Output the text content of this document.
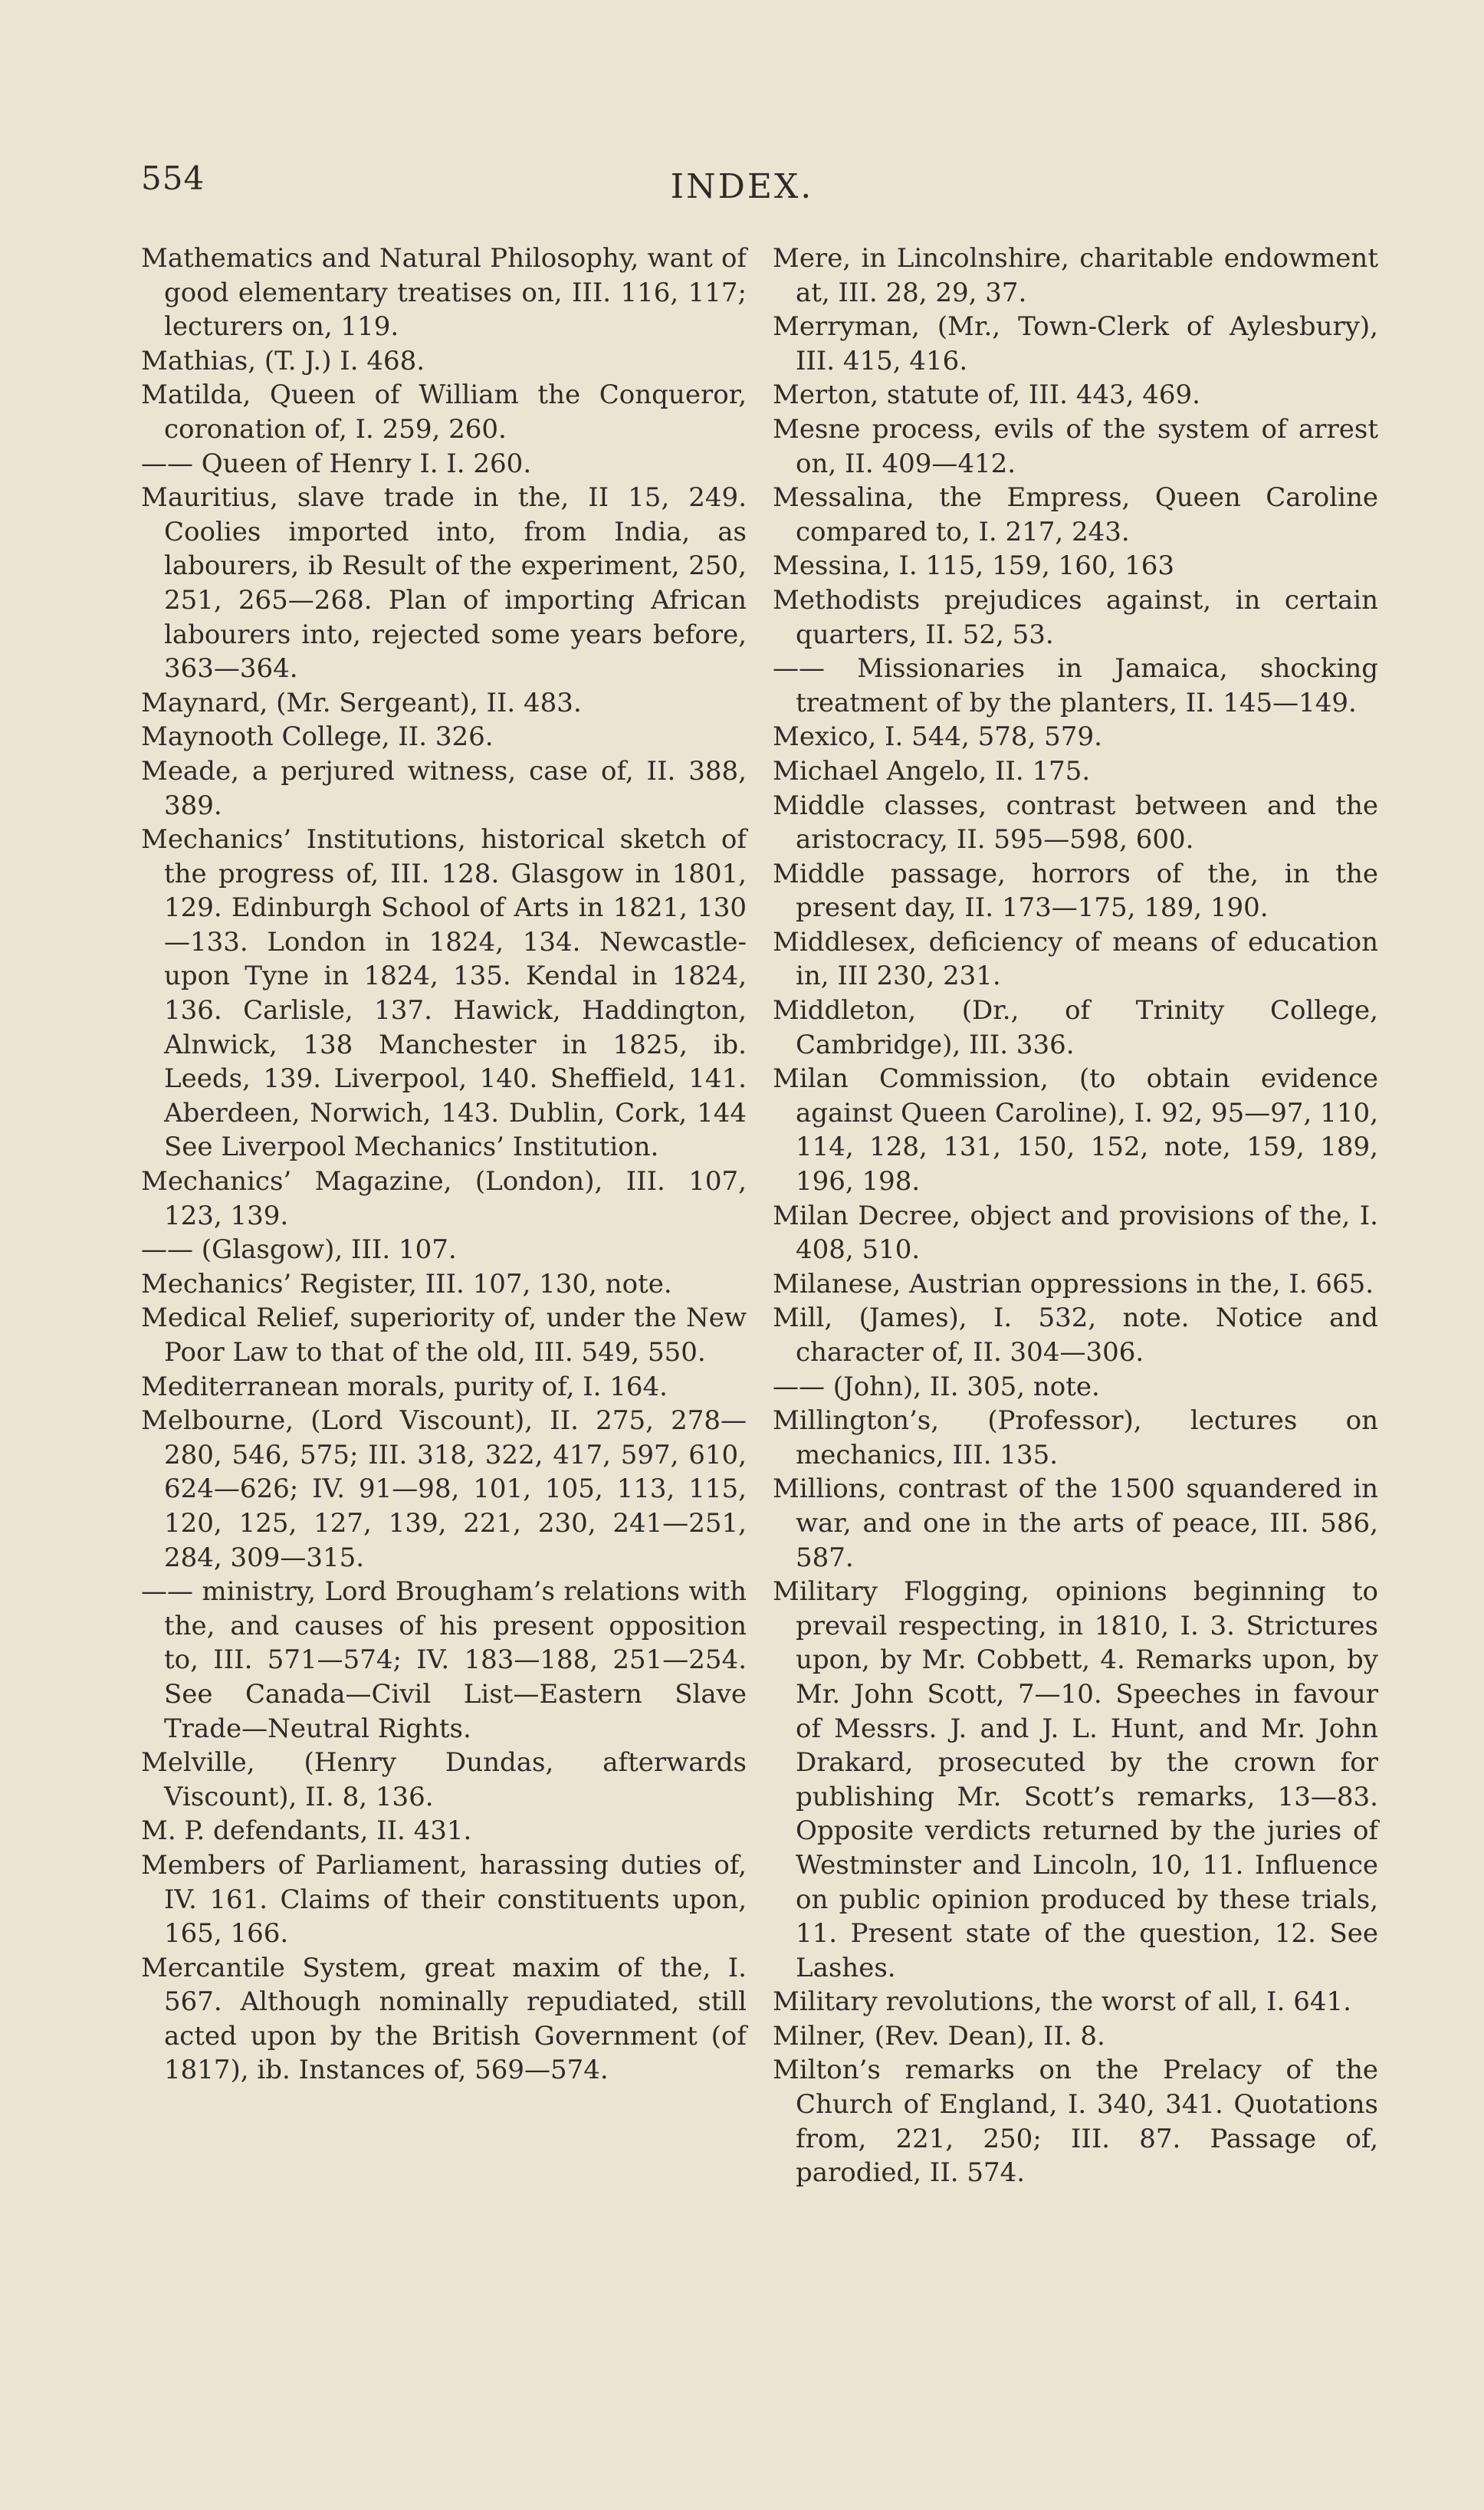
554	INDEX.

Mathematics and Natural Philosophy, want of good elementary treatises on, III. 116, 117; lecturers on, 119.

Mathias, (T. J.) I. 468.

Matilda, Queen of William the Conqueror, coronation of, I. 259, 260.

—— Queen of Henry I. I. 260.

Mauritius, slave trade in the, II 15, 249. Coolies imported into, from India, as labourers, ib Result of the experiment, 250, 251, 265—268. Plan of importing African labourers into, rejected some years before, 363—364.

Maynard, (Mr. Sergeant), II. 483.

Maynooth College, II. 326.

Meade, a perjured witness, case of, II. 388, 389.

Mechanics’ Institutions, historical sketch of the progress of, III. 128. Glasgow in 1801, 129. Edinburgh School of Arts in 1821, 130—133. London in 1824, 134. Newcastle-upon Tyne in 1824, 135. Kendal in 1824, 136. Carlisle, 137. Hawick, Haddington, Alnwick, 138 Manchester in 1825, ib. Leeds, 139. Liverpool, 140. Sheffield, 141. Aberdeen, Norwich, 143. Dublin, Cork, 144 See Liverpool Mechanics’ Institution.

Mechanics’ Magazine, (London), III. 107, 123, 139.

—— (Glasgow), III. 107.

Mechanics’ Register, III. 107, 130, note.

Medical Relief, superiority of, under the New Poor Law to that of the old, III. 549, 550.

Mediterranean morals, purity of, I. 164.

Melbourne, (Lord Viscount), II. 275, 278—280, 546, 575; III. 318, 322, 417, 597, 610, 624—626; IV. 91—98, 101, 105, 113, 115, 120, 125, 127, 139, 221, 230, 241—251, 284, 309—315.

—— ministry, Lord Brougham’s relations with the, and causes of his present opposition to, III. 571—574; IV. 183—188, 251—254. See Canada—Civil List—Eastern Slave Trade—Neutral Rights.

Melville, (Henry Dundas, afterwards Viscount), II. 8, 136.

M. P. defendants, II. 431.

Members of Parliament, harassing duties of, IV. 161. Claims of their constituents upon, 165, 166.

Mercantile System, great maxim of the, I. 567. Although nominally repudiated, still acted upon by the British Government (of 1817), ib. Instances of, 569—574.

Mere, in Lincolnshire, charitable endowment at, III. 28, 29, 37.

Merryman, (Mr., Town-Clerk of Aylesbury), III. 415, 416.

Merton, statute of, III. 443, 469.

Mesne process, evils of the system of arrest on, II. 409—412.

Messalina, the Empress, Queen Caroline compared to, I. 217, 243.

Messina, I. 115, 159, 160, 163

Methodists prejudices against, in certain quarters, II. 52, 53.

—— Missionaries in Jamaica, shocking treatment of by the planters, II. 145—149.

Mexico, I. 544, 578, 579.

Michael Angelo, II. 175.

Middle classes, contrast between and the aristocracy, II. 595—598, 600.

Middle passage, horrors of the, in the present day, II. 173—175, 189, 190.

Middlesex, deficiency of means of education in, III 230, 231.

Middleton, (Dr., of Trinity College, Cambridge), III. 336.

Milan Commission, (to obtain evidence against Queen Caroline), I. 92, 95—97, 110, 114, 128, 131, 150, 152, note, 159, 189, 196, 198.

Milan Decree, object and provisions of the, I. 408, 510.

Milanese, Austrian oppressions in the, I. 665.

Mill, (James), I. 532, note. Notice and character of, II. 304—306.

—— (John), II. 305, note.

Millington’s, (Professor), lectures on mechanics, III. 135.

Millions, contrast of the 1500 squandered in war, and one in the arts of peace, III. 586, 587.

Military Flogging, opinions beginning to prevail respecting, in 1810, I. 3. Strictures upon, by Mr. Cobbett, 4. Remarks upon, by Mr. John Scott, 7—10. Speeches in favour of Messrs. J. and J. L. Hunt, and Mr. John Drakard, prosecuted by the crown for publishing Mr. Scott’s remarks, 13—83. Opposite verdicts returned by the juries of Westminster and Lincoln, 10, 11. Influence on public opinion produced by these trials, 11. Present state of the question, 12. See Lashes.

Military revolutions, the worst of all, I. 641.

Milner, (Rev. Dean), II. 8.

Milton’s remarks on the Prelacy of the Church of England, I. 340, 341. Quotations from, 221, 250; III. 87. Passage of, parodied, II. 574.
